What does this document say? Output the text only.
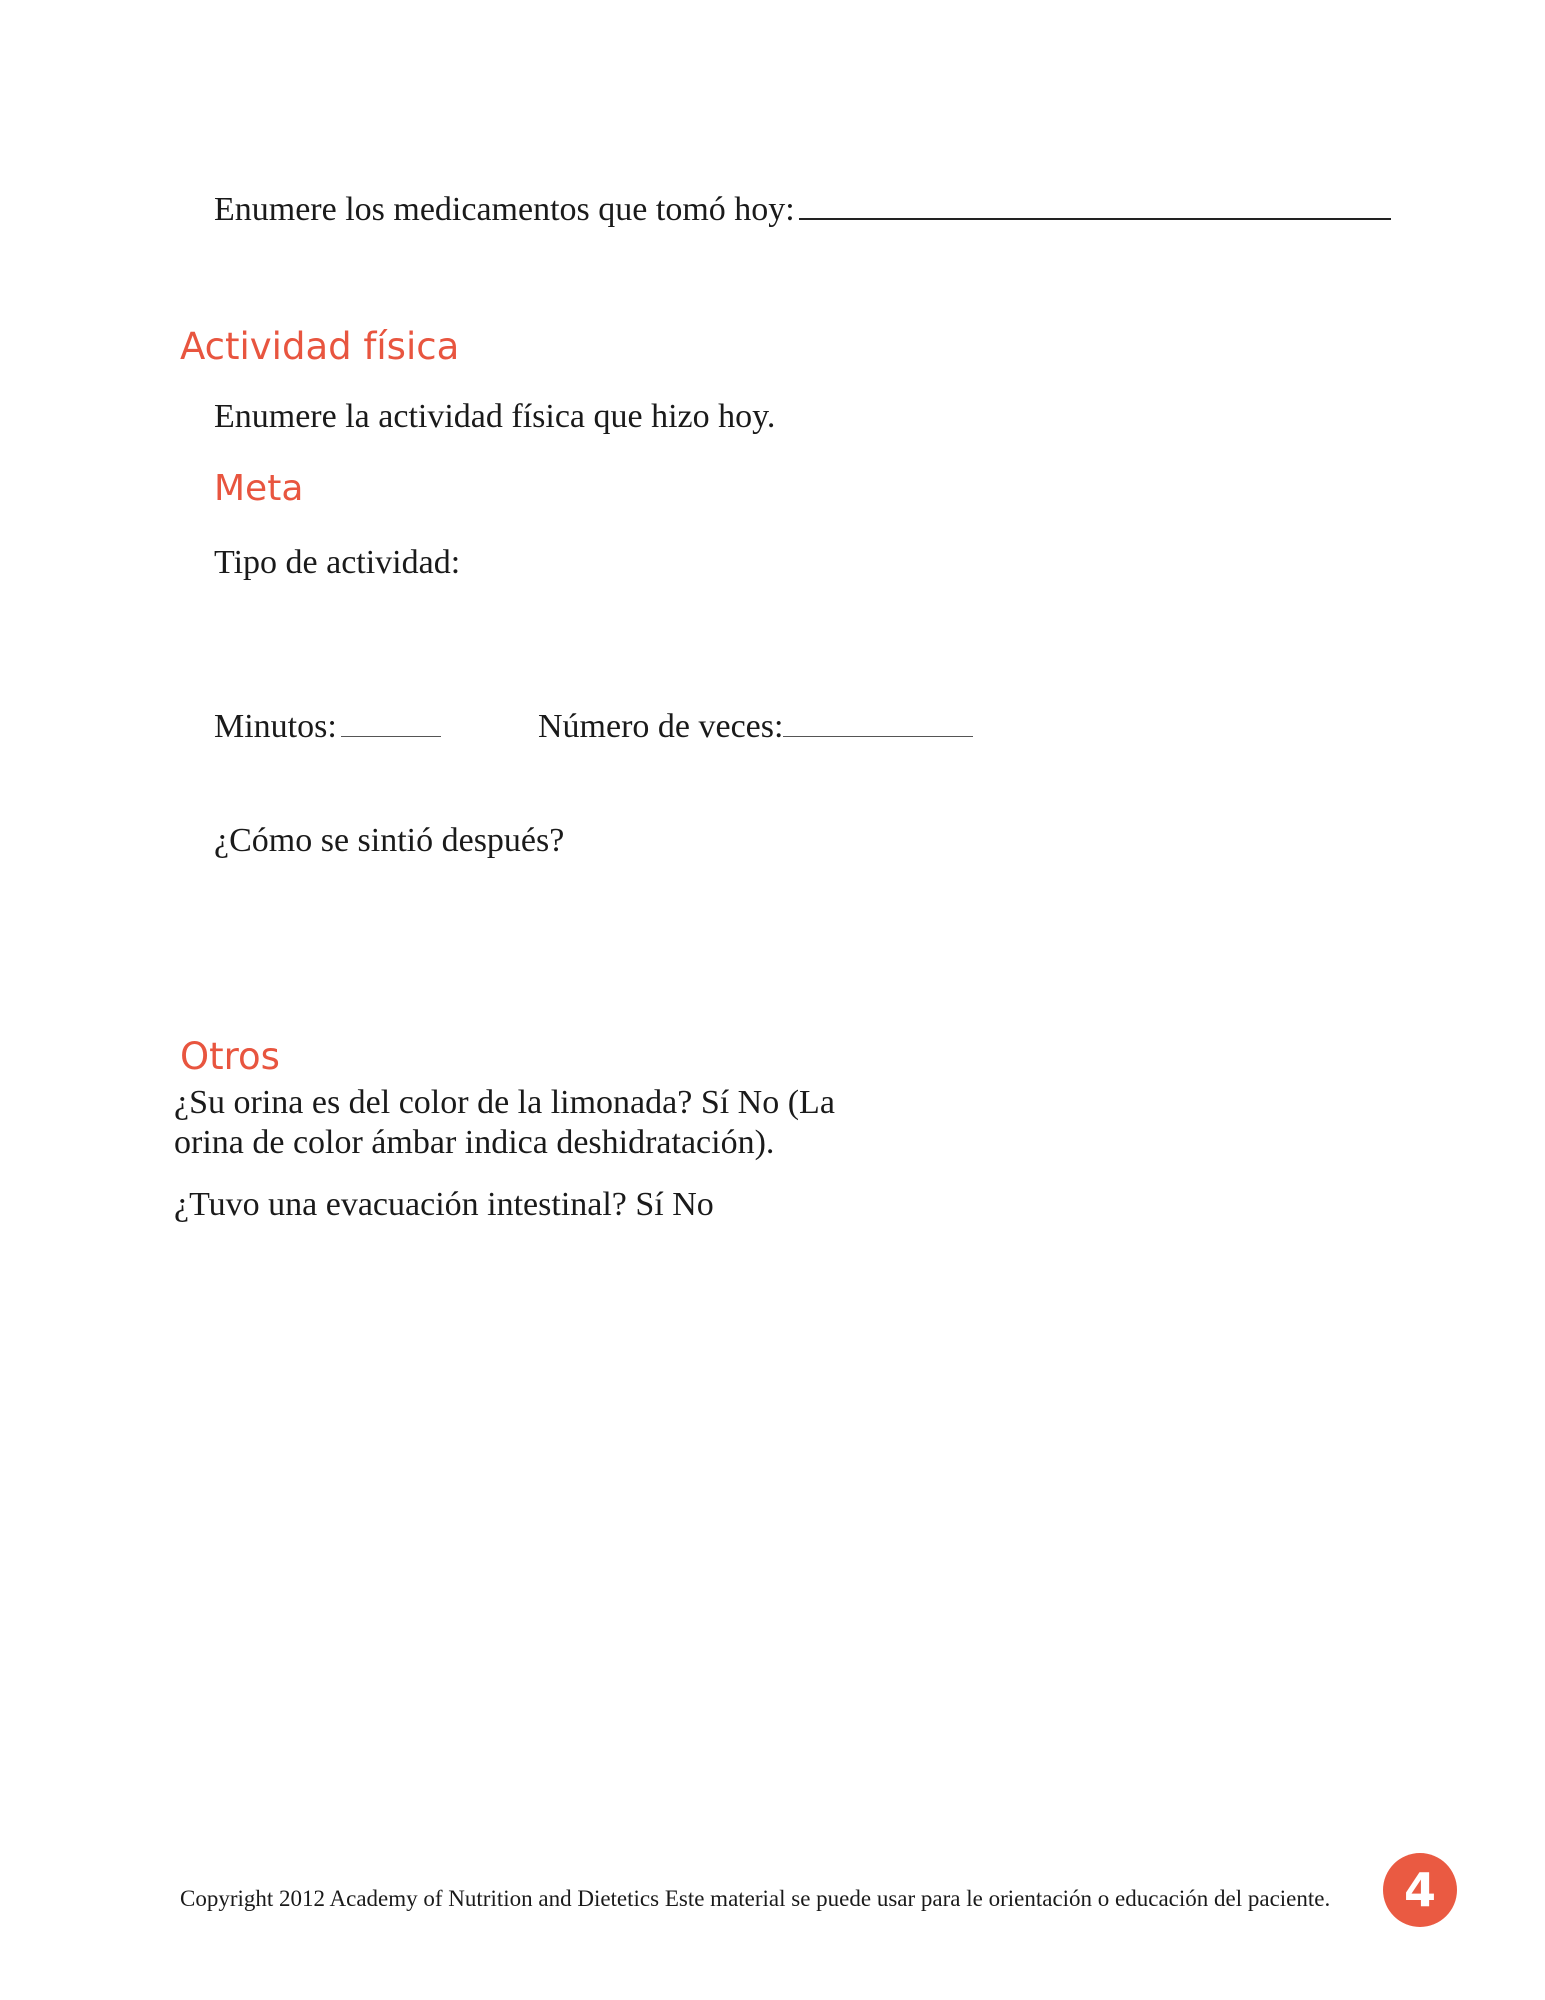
Enumere los medicamentos que tomó hoy:
Actividad física
Enumere la actividad física que hizo hoy.
Meta
Tipo de actividad:
Minutos:	Número de veces:
¿Cómo se sintió después?
Otros
¿Su orina es del color de la limonada? Sí No (La orina de color ámbar indica deshidratación).
¿Tuvo una evacuación intestinal? Sí No
Copyright 2012 Academy of Nutrition and Dietetics Este material se puede usar para le orientación o educación del paciente.	4
